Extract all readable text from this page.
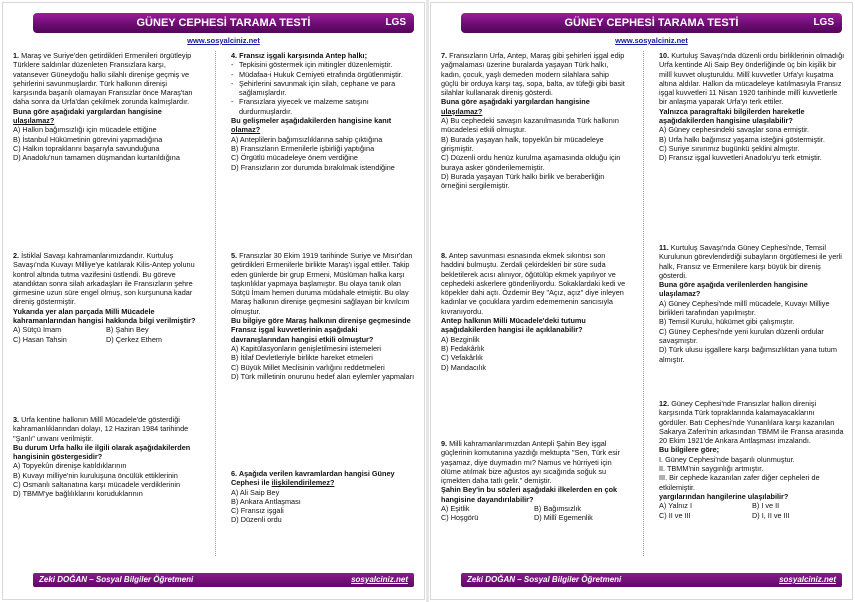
GÜNEY CEPHESİ TARAMA TESTİ	LGS
www.sosyalciniz.net
1. Maraş ve Suriye'den getirdikleri Ermenileri örgütleyip Türklere saldırılar düzenleten Fransızlara karşı, vatansever Güneydoğu halkı silahlı direnişe geçmiş ve şehirlerini savunmuşlardır. Türk halkının direnişi karşısında başarılı olamayan Fransızlar önce Maraş'tan daha sonra da Urfa'dan çekilmek zorunda kalmışlardır.
Buna göre aşağıdaki yargılardan hangisine ulaşılamaz?
A) Halkın bağımsızlığı için mücadele ettiğine
B) İstanbul Hükümetinin görevini yapmadığına
C) Halkın topraklarını başarıyla savunduğuna
D) Anadolu'nun tamamen düşmandan kurtarıldığına
2. İstiklal Savaşı kahramanlarımızdandır. Kurtuluş Savaşı'nda Kuvayı Milliye'ye katılarak Kilis-Antep yolunu kontrol altında tutma vazifesini üstlendi. Bu göreve atandıktan sonra silah arkadaşları ile Fransızların şehre girmesine uzun süre engel olmuş, son kurşununa kadar direniş göstermiştir.
Yukarıda yer alan parçada Milli Mücadele kahramanlarından hangisi hakkında bilgi verilmiştir?
A) Sütçü İmam	B) Şahin Bey
C) Hasan Tahsin	D) Çerkez Ethem
3. Urfa kentine halkının Millî Mücadele'de gösterdiği kahramanlıklarından dolayı, 12 Haziran 1984 tarihinde "Şanlı" unvanı verilmiştir.
Bu durum Urfa halkı ile ilgili olarak aşağıdakilerden hangisinin göstergesidir?
A) Topyekûn direnişe katıldıklarının
B) Kuvayı milliye'nin kuruluşuna öncülük ettiklerinin
C) Osmanlı saltanatına karşı mücadele verdiklerinin
D) TBMM'ye bağlılıklarını koruduklarının
4. Fransız işgali karşısında Antep halkı;
- Tepkisini göstermek için mitingler düzenlemiştir.
- Müdafaa-i Hukuk Cemiyeti etrafında örgütlenmiştir.
- Şehirlerini savunmak için silah, cephane ve para sağlamışlardır.
- Fransızlara yiyecek ve malzeme satışını durdurmuşlardır.
Bu gelişmeler aşağıdakilerden hangisine kanıt olamaz?
A) Anteplilerin bağımsızlıklarına sahip çıktığına
B) Fransızların Ermenilerle işbirliği yaptığına
C) Örgütlü mücadeleye önem verdiğine
D) Fransızların zor durumda bırakılmak istendiğine
5. Fransızlar 30 Ekim 1919 tarihinde Suriye ve Mısır'dan getirdikleri Ermenilerle birlikte Maraş'ı işgal ettiler. Takip eden günlerde bir grup Ermeni, Müslüman halka karşı taşkınlıklar yapmaya başlamıştır. Bu olaya tanık olan Sütçü İmam hemen duruma müdahale etmiştir. Bu olay Maraş halkının direnişe geçmesini sağlayan bir kıvılcım olmuştur.
Bu bilgiye göre Maraş halkının direnişe geçmesinde Fransız işgal kuvvetlerinin aşağıdaki davranışlarından hangisi etkili olmuştur?
A) Kapitülasyonların genişletilmesini istemeleri
B) İtilaf Devletleriyle birlikte hareket etmeleri
C) Büyük Millet Meclisinin varlığını reddetmeleri
D) Türk milletinin onurunu hedef alan eylemler yapmaları
6. Aşağıda verilen kavramlardan hangisi Güney Cephesi ile ilişkilendirilemez?
A) Ali Saip Bey
B) Ankara Antlaşması
C) Fransız işgali
D) Düzenli ordu
Zeki DOĞAN – Sosyal Bilgiler Öğretmeni	sosyalciniz.net
GÜNEY CEPHESİ TARAMA TESTİ	LGS
www.sosyalciniz.net
7. Fransızların Urfa, Antep, Maraş gibi şehirleri işgal edip yağmalaması üzerine buralarda yaşayan Türk halkı, kadın, çocuk, yaşlı demeden modern silahlara sahip güçlü bir orduya karşı taş, sopa, balta, av tüfeği gibi basit silahlar kullanarak direniş gösterdi.
Buna göre aşağıdaki yargılardan hangisine ulaşılamaz?
A) Bu cephedeki savaşın kazanılmasında Türk halkının mücadelesi etkili olmuştur.
B) Burada yaşayan halk, topyekûn bir mücadeleye girişmiştir.
C) Düzenli ordu henüz kurulma aşamasında olduğu için buraya asker gönderilememiştir.
D) Burada yaşayan Türk halkı birlik ve beraberliğin örneğini sergilemiştir.
8. Antep savunması esnasında ekmek sıkıntısı son haddini bulmuştu. Zerdali çekirdekleri bir süre suda bekletilerek acısı alınıyor, öğütülüp ekmek yapılıyor ve cephedeki askerlere gönderiliyordu. Sokaklardaki kedi ve köpekler dahi açtı. Özdemir Bey "Açız, açız" diye inleyen kadınlar ve çocuklara yardım edememenin sancısıyla kıvranıyordu.
Antep halkının Milli Mücadele'deki tutumu aşağıdakilerden hangisi ile açıklanabilir?
A) Bezginlik
B) Fedakârlık
C) Vefakârlık
D) Mandacılık
9. Milli kahramanlarımızdan Antepli Şahin Bey işgal güçlerinin komutanına yazdığı mektupta "Sen, Türk esir yaşamaz, diye duymadın mı? Namus ve hürriyeti için ölüme atılmak bize ağustos ayı sıcağında soğuk su içmekten daha tatlı gelir." demiştir.
Şahin Bey'in bu sözleri aşağıdaki ilkelerden en çok hangisine dayandırılabilir?
A) Eşitlik	B) Bağımsızlık
C) Hoşgörü	D) Millî Egemenlik
10. Kurtuluş Savaşı'nda düzenli ordu birliklerinin olmadığı Urfa kentinde Ali Saip Bey önderliğinde üç bin kişilik bir millî kuvvet oluşturuldu. Millî kuvvetler Urfa'yı kuşatma altına aldılar. Halkın da mücadeleye katılmasıyla Fransız işgal kuvvetleri 11 Nisan 1920 tarihinde millî kuvvetlerle bir anlaşma yaparak Urfa'yı terk ettiler.
Yalnızca paragraftaki bilgilerden hareketle aşağıdakilerden hangisine ulaşılabilir?
A) Güney cephesindeki savaşlar sona ermiştir.
B) Urfa halkı bağımsız yaşama isteğini göstermiştir.
C) Suriye sınırımız bugünkü şeklini almıştır.
D) Fransız işgal kuvvetleri Anadolu'yu terk etmiştir.
11. Kurtuluş Savaşı'nda Güney Cephesi'nde, Temsil Kurulunun görevlendirdiği subayların örgütlemesi ile yerli halk, Fransız ve Ermenilere karşı büyük bir direniş gösterdi.
Buna göre aşağıda verilenlerden hangisine ulaşılamaz?
A) Güney Cephesi'nde millî mücadele, Kuvayı Milliye birlikleri tarafından yapılmıştır.
B) Temsil Kurulu, hükümet gibi çalışmıştır.
C) Güney Cephesi'nde yeni kurulan düzenli ordular savaşmıştır.
D) Türk ulusu işgallere karşı bağımsızlıktan yana tutum almıştır.
12. Güney Cephesi'nde Fransızlar halkın direnişi karşısında Türk topraklarında kalamayacaklarını gördüler. Batı Cephesi'nde Yunanlılara karşı kazanılan Sakarya Zaferi'nin arkasından TBMM ile Fransa arasında 20 Ekim 1921'de Ankara Antlaşması imzalandı.
Bu bilgilere göre;
I. Güney Cephesi'nde başarılı olunmuştur.
II. TBMM'nin saygınlığı artmıştır.
III. Bir cephede kazanılan zafer diğer cepheleri de etkilemiştir.
yargılarından hangilerine ulaşılabilir?
A) Yalnız I	B) I ve II
C) II ve III	D) I, II ve III
Zeki DOĞAN – Sosyal Bilgiler Öğretmeni	sosyalciniz.net
